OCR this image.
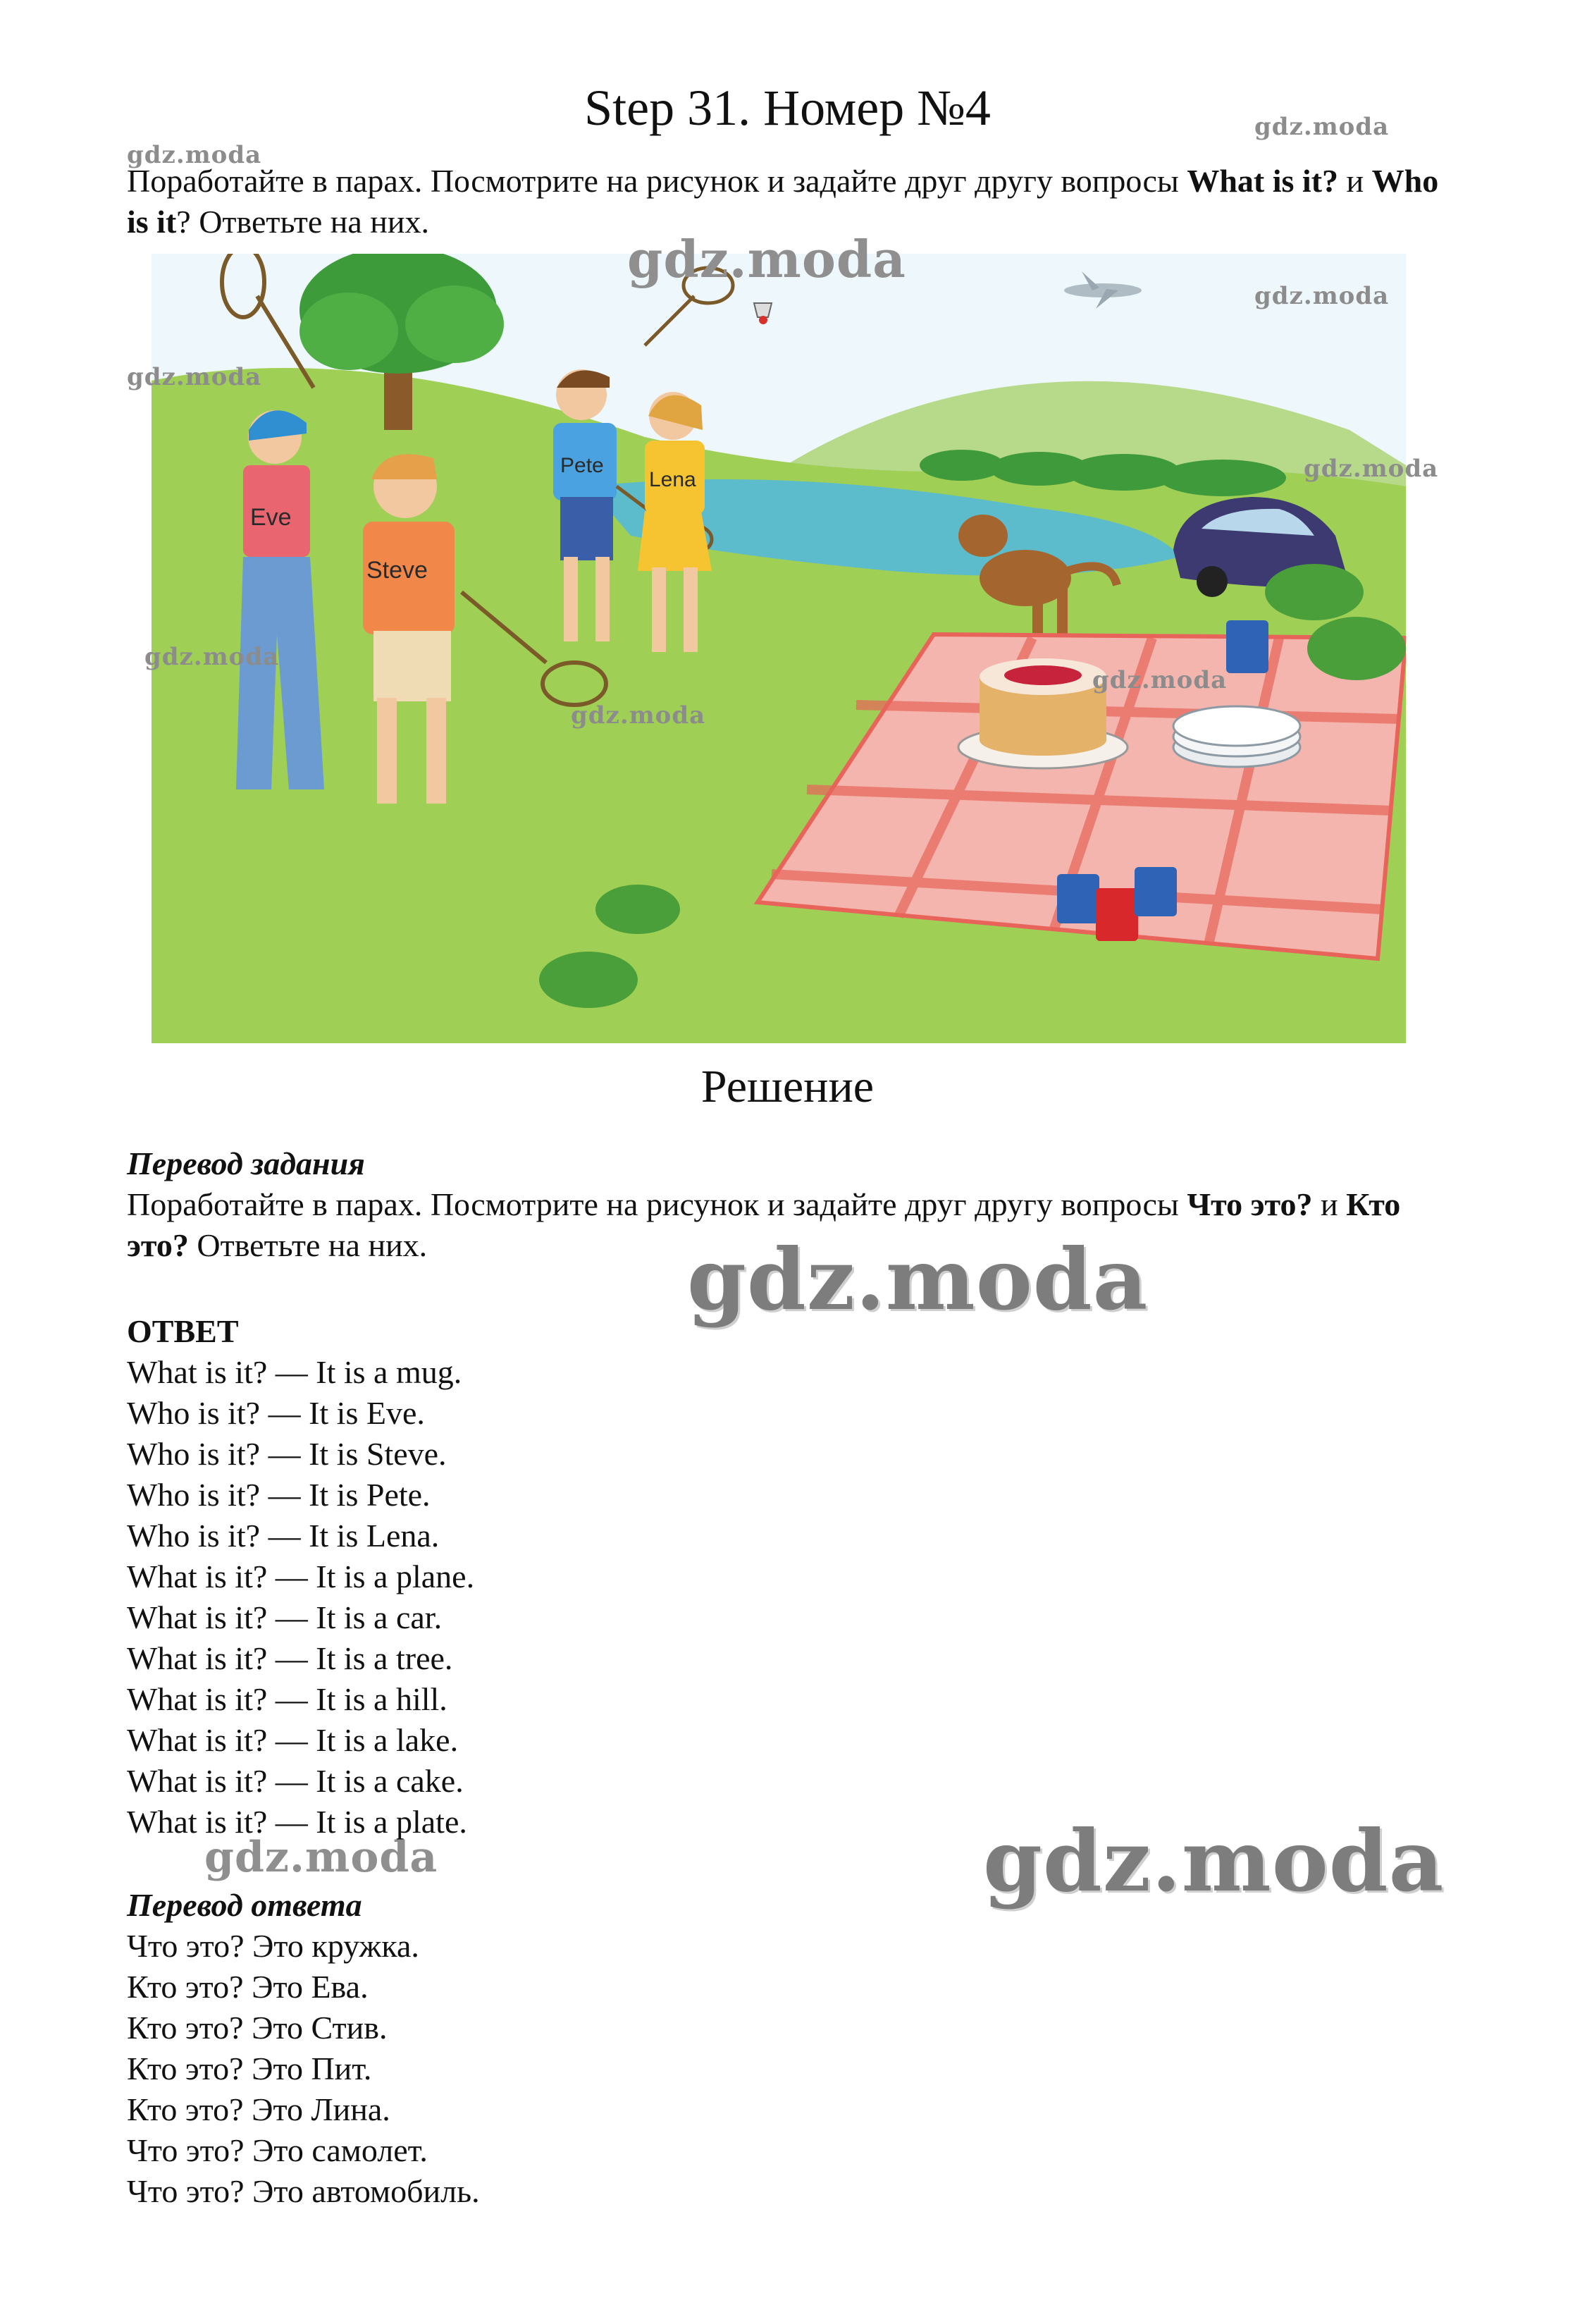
Step 31. Номер №4
Поработайте в парах. Посмотрите на рисунок и задайте друг другу вопросы What is it? и Who is it? Ответьте на них.
Eve
Steve
Pete
Lena
Решение
Перевод задания
Поработайте в парах. Посмотрите на рисунок и задайте друг другу вопросы Что это? и Кто это? Ответьте на них.
ОТВЕТ
What is it? — It is a mug.
Who is it? — It is Eve.
Who is it? — It is Steve.
Who is it? — It is Pete.
Who is it? — It is Lena.
What is it? — It is a plane.
What is it? — It is a car.
What is it? — It is a tree.
What is it? — It is a hill.
What is it? — It is a lake.
What is it? — It is a cake.
What is it? — It is a plate.
Перевод ответа
Что это? Это кружка.
Кто это? Это Ева.
Кто это? Это Стив.
Кто это? Это Пит.
Кто это? Это Лина.
Что это? Это самолет.
Что это? Это автомобиль.
gdz.moda
gdz.moda
gdz.moda
gdz.moda
gdz.moda
gdz.moda
gdz.moda
gdz.moda
gdz.moda
gdz.moda
gdz.moda
gdz.moda
